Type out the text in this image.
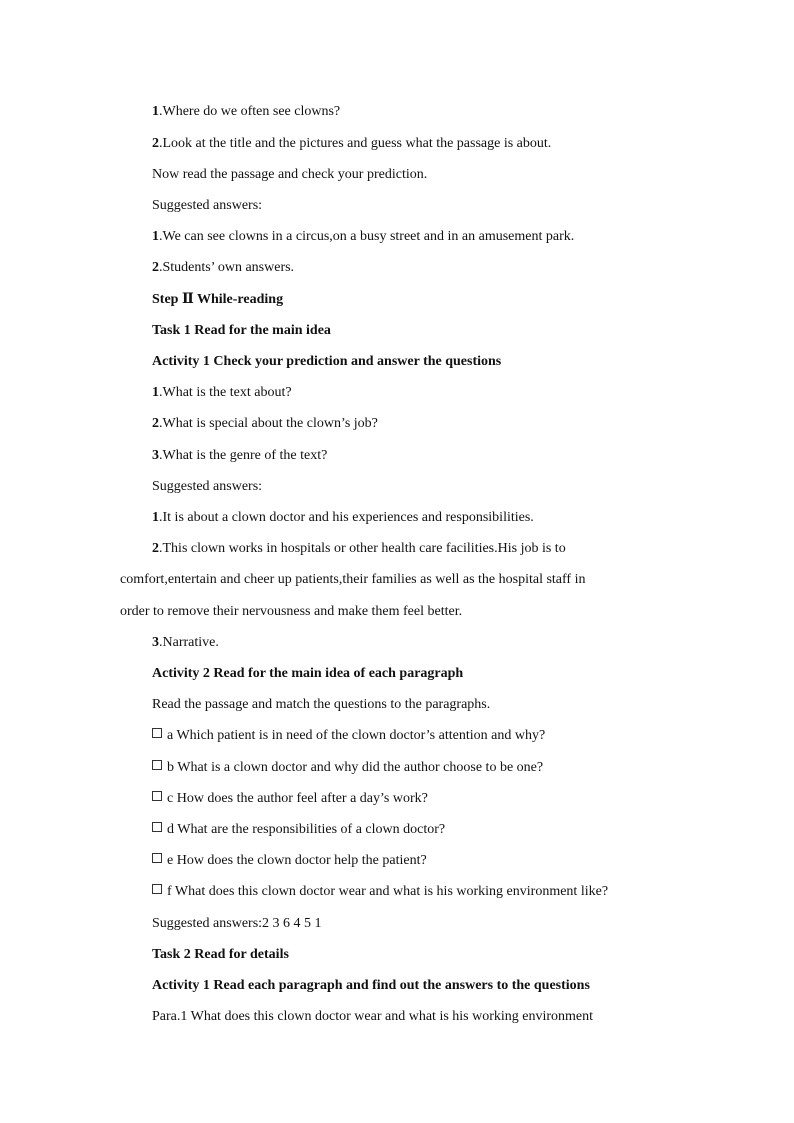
1.Where do we often see clowns?
2.Look at the title and the pictures and guess what the passage is about.
Now read the passage and check your prediction.
Suggested answers:
1.We can see clowns in a circus,on a busy street and in an amusement park.
2.Students’ own answers.
Step Ⅱ While-reading
Task 1 Read for the main idea
Activity 1 Check your prediction and answer the questions
1.What is the text about?
2.What is special about the clown’s job?
3.What is the genre of the text?
Suggested answers:
1.It is about a clown doctor and his experiences and responsibilities.
2.This clown works in hospitals or other health care facilities.His job is to
comfort,entertain and cheer up patients,their families as well as the hospital staff in
order to remove their nervousness and make them feel better.
3.Narrative.
Activity 2 Read for the main idea of each paragraph
Read the passage and match the questions to the paragraphs.
a Which patient is in need of the clown doctor’s attention and why?
b What is a clown doctor and why did the author choose to be one?
c How does the author feel after a day’s work?
d What are the responsibilities of a clown doctor?
e How does the clown doctor help the patient?
f What does this clown doctor wear and what is his working environment like?
Suggested answers:2 3 6 4 5 1
Task 2 Read for details
Activity 1 Read each paragraph and find out the answers to the questions
Para.1 What does this clown doctor wear and what is his working environment
